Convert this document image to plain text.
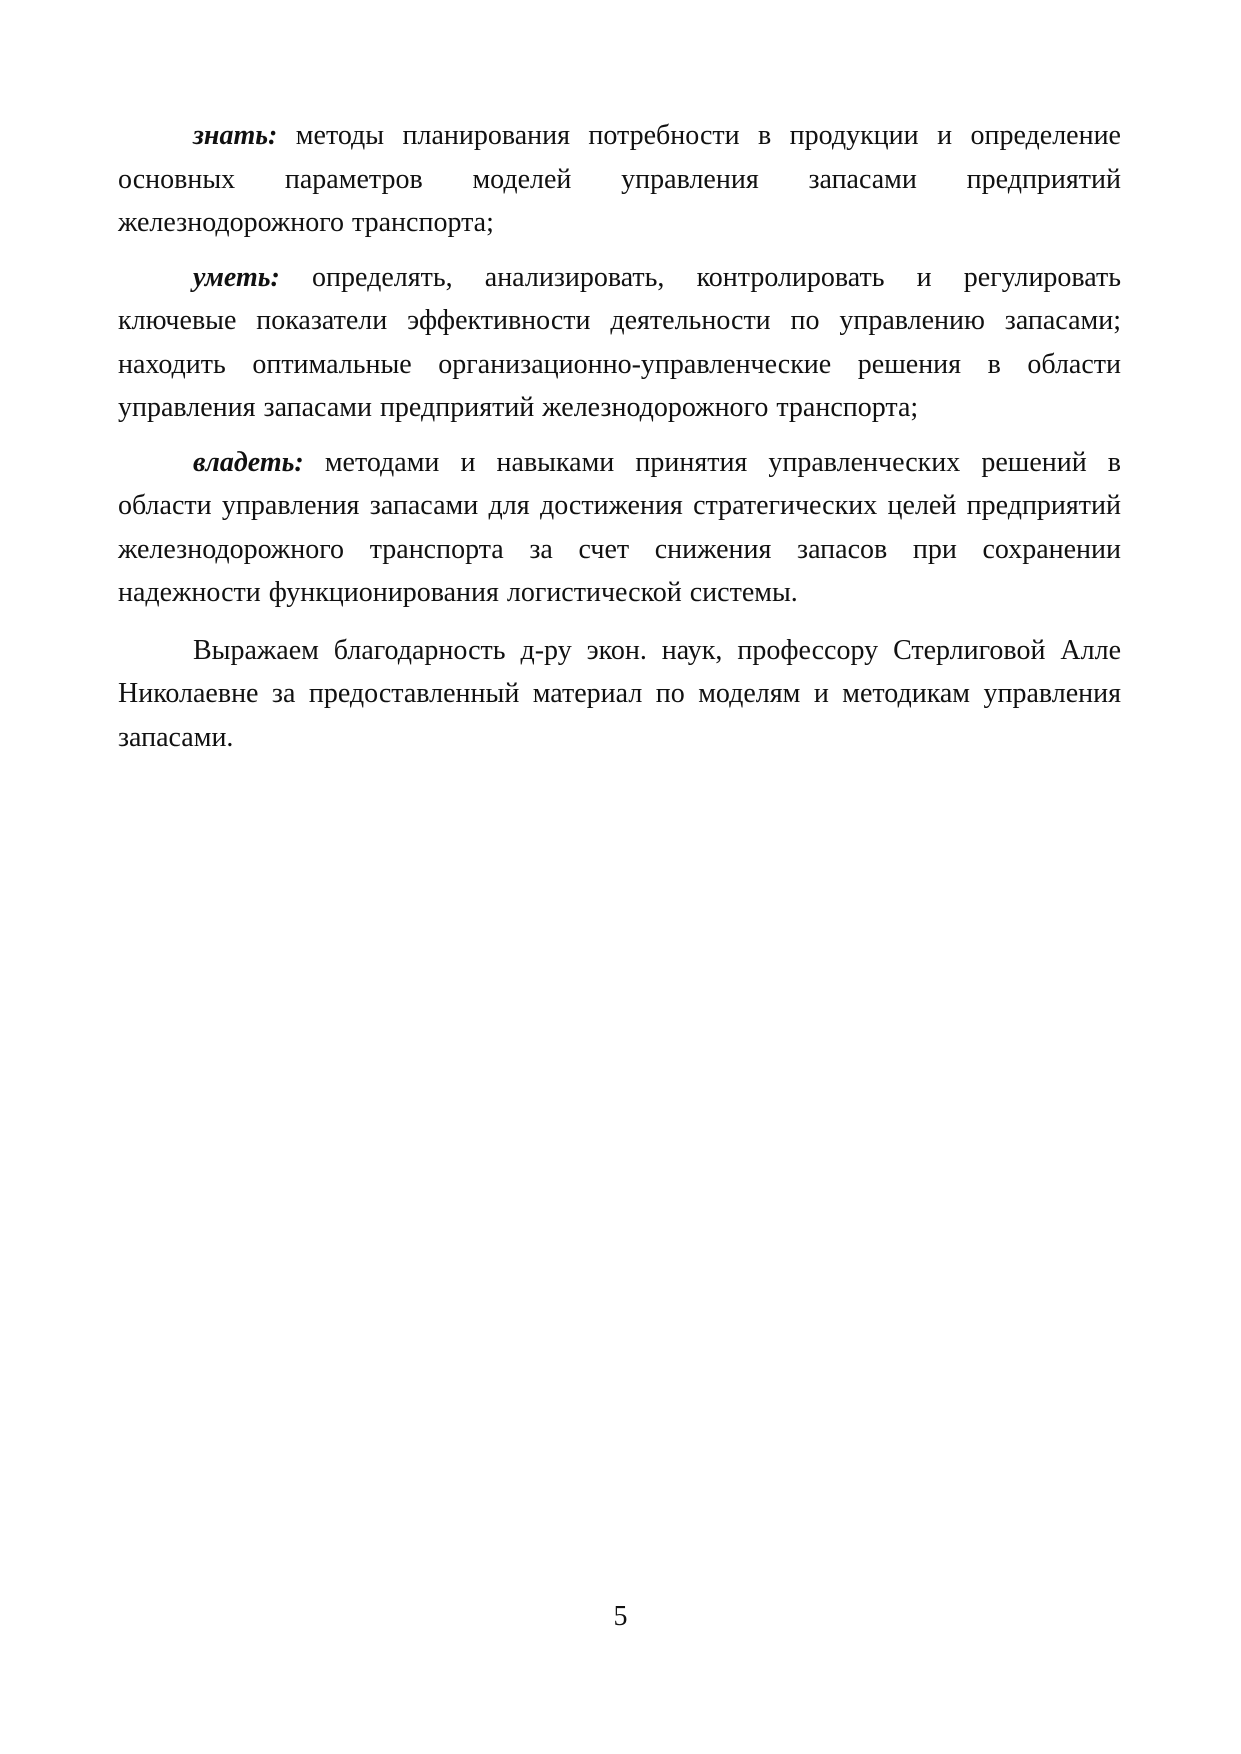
знать: методы планирования потребности в продукции и определение основных параметров моделей управления запасами предприятий железнодорожного транспорта;

уметь: определять, анализировать, контролировать и регулировать ключевые показатели эффективности деятельности по управлению запасами; находить оптимальные организационно-управленческие решения в области управления запасами предприятий железнодорожного транспорта;

владеть: методами и навыками принятия управленческих решений в области управления запасами для достижения стратегических целей предприятий железнодорожного транспорта за счет снижения запасов при сохранении надежности функционирования логистической системы.

Выражаем благодарность д-ру экон. наук, профессору Стерлиговой Алле Николаевне за предоставленный материал по моделям и методикам управления запасами.

5
